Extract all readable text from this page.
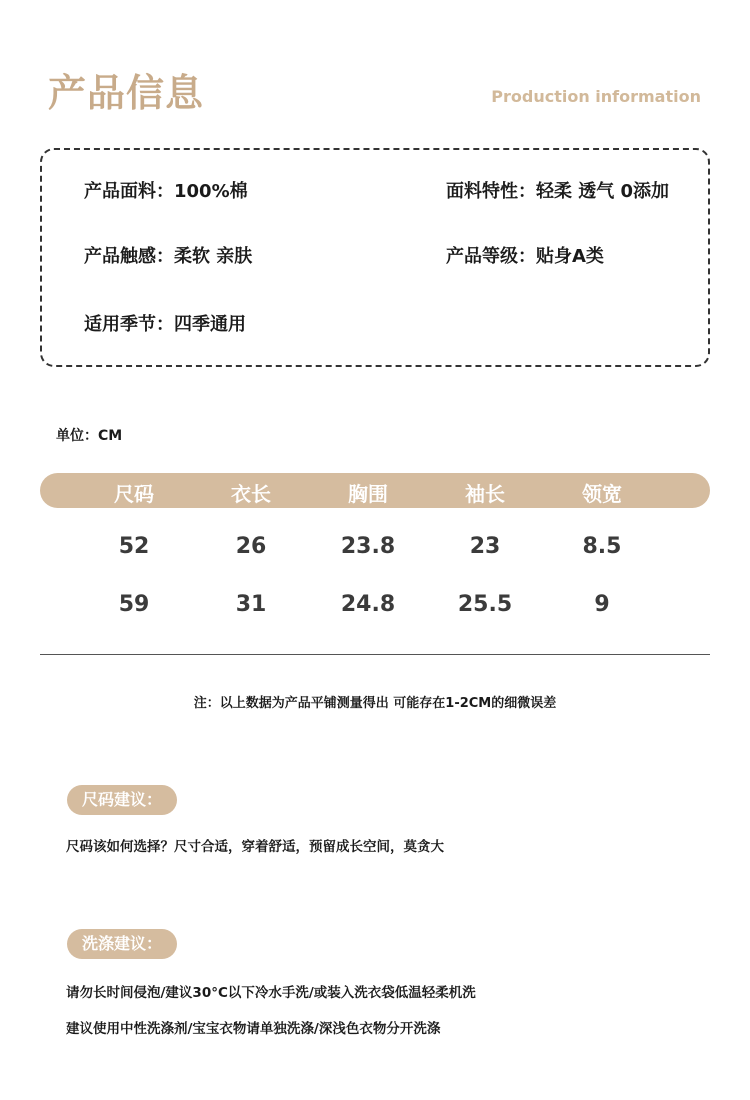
产品信息	Production information
产品面料：100%棉	面料特性：轻柔 透气 0添加
产品触感：柔软 亲肤	产品等级：贴身A类
适用季节：四季通用
单位：CM
尺码	衣长	胸围	袖长	领宽
52	26	23.8	23	8.5
59	31	24.8	25.5	9
注：以上数据为产品平铺测量得出 可能存在1-2CM的细微误差
尺码建议：
尺码该如何选择？尺寸合适，穿着舒适，预留成长空间，莫贪大
洗涤建议：
请勿长时间侵泡/建议30°C以下冷水手洗/或装入洗衣袋低温轻柔机洗
建议使用中性洗涤剂/宝宝衣物请单独洗涤/深浅色衣物分开洗涤
